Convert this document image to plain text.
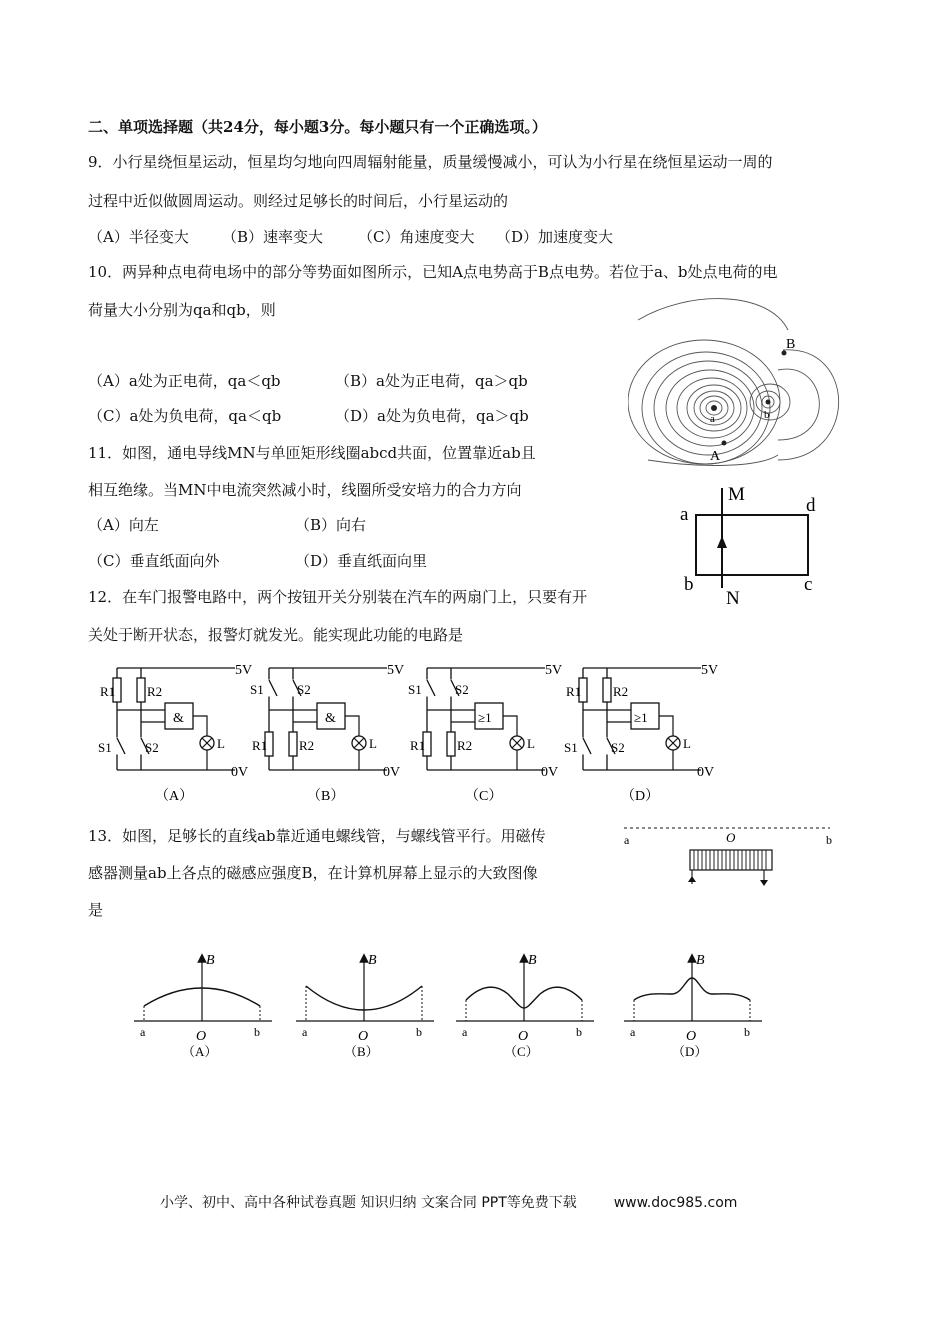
二、单项选择题（共24分，每小题3分。每小题只有一个正确选项。）
9．小行星绕恒星运动，恒星均匀地向四周辐射能量，质量缓慢减小，可认为小行星在绕恒星运动一周的
过程中近似做圆周运动。则经过足够长的时间后，小行星运动的
（A）半径变大 （B）速率变大 （C）角速度变大 （D）加速度变大
10．两异种点电荷电场中的部分等势面如图所示，已知A点电势高于B点电势。若位于a、b处点电荷的电
荷量大小分别为qa和qb，则
（A）a处为正电荷，qa＜qb	（B）a处为正电荷，qa＞qb
（C）a处为负电荷，qa＜qb	（D）a处为负电荷，qa＞qb
B
A
a	b
11．如图，通电导线MN与单匝矩形线圈abcd共面，位置靠近ab且
相互绝缘。当MN中电流突然减小时，线圈所受安培力的合力方向
（A）向左	（B）向右
（C）垂直纸面向外	（D）垂直纸面向里
M
N
a
b	c
d
12．在车门报警电路中，两个按钮开关分别装在汽车的两扇门上，只要有开
关处于断开状态，报警灯就发光。能实现此功能的电路是
&
R1 R2
S1	S2	L
（A）
&
S1	S2
R1 R2	L
（B）
≥1
S1	S2
R1 R2	L
（C）
≥1
R1 R2
S1	S2	L
（D）
5V
0V
5V
0V
5V
0V
5V
0V
13．如图，足够长的直线ab靠近通电螺线管，与螺线管平行。用磁传
感器测量ab上各点的磁感应强度B，在计算机屏幕上显示的大致图像
是
a	O	b
B
a	O	b
（A）
B
a	O	b
（B）
B
a	O	b
（C）
B
a	O	b
（D）
小学、初中、高中各种试卷真题 知识归纳 文案合同 PPT等免费下载	www.doc985.com
